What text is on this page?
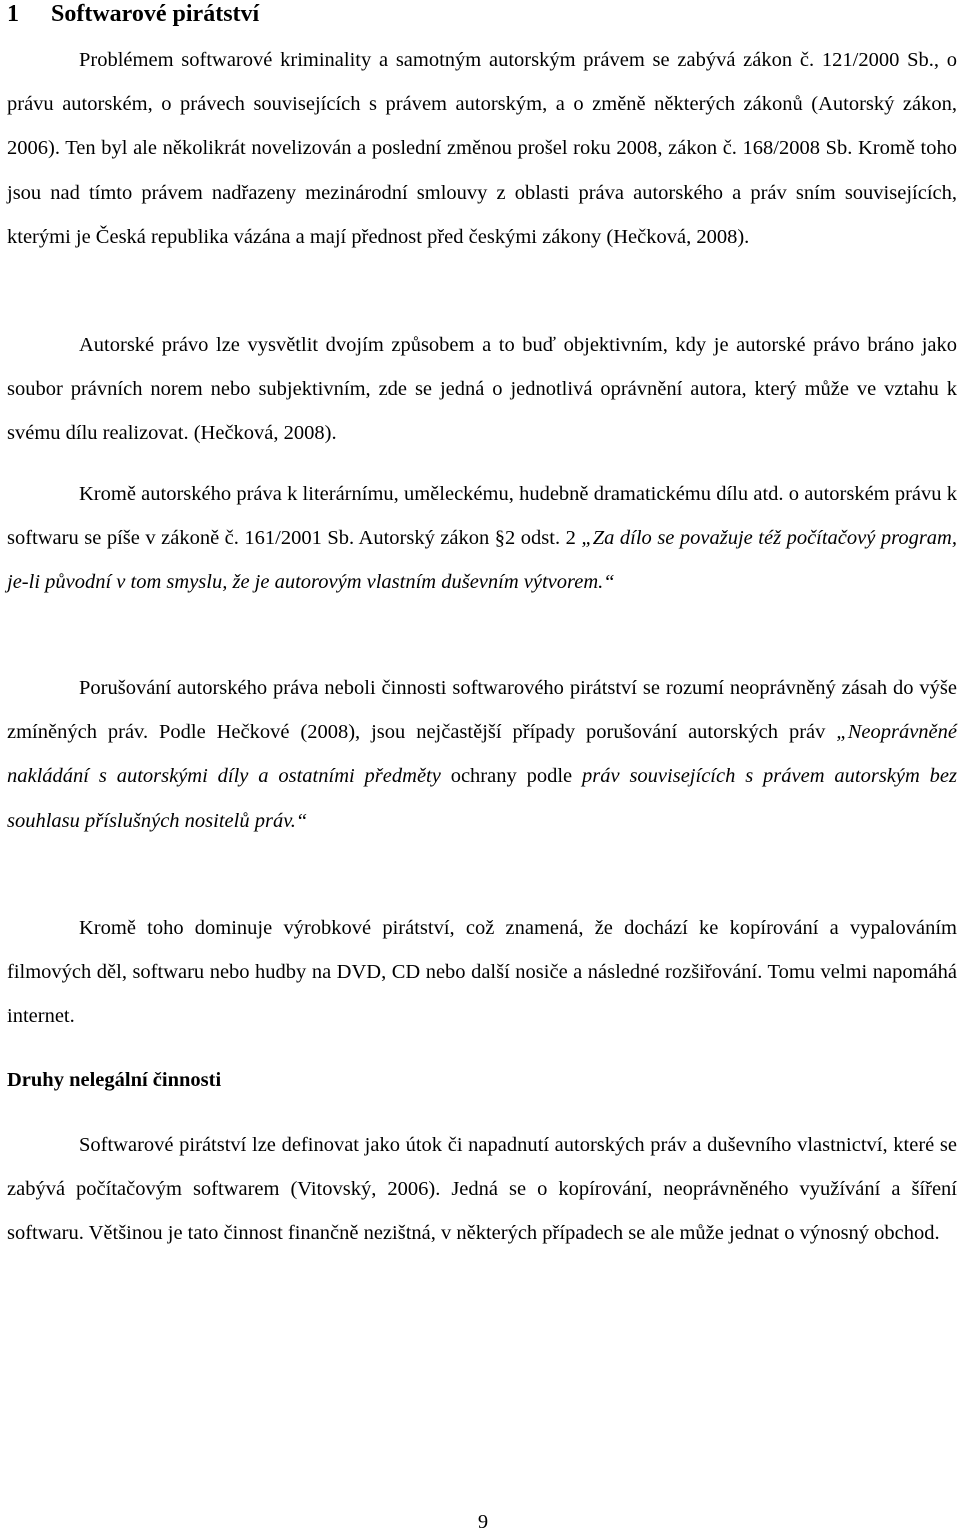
1 Softwarové pirátství

Problémem softwarové kriminality a samotným autorským právem se zabývá zákon č. 121/2000 Sb., o právu autorském, o právech souvisejících s právem autorským, a o změně některých zákonů (Autorský zákon, 2006). Ten byl ale několikrát novelizován a poslední změnou prošel roku 2008, zákon č. 168/2008 Sb. Kromě toho jsou nad tímto právem nadřazeny mezinárodní smlouvy z oblasti práva autorského a práv sním souvisejících, kterými je Česká republika vázána a mají přednost před českými zákony (Hečková, 2008).

Autorské právo lze vysvětlit dvojím způsobem a to buď objektivním, kdy je autorské právo bráno jako soubor právních norem nebo subjektivním, zde se jedná o jednotlivá oprávnění autora, který může ve vztahu k svému dílu realizovat. (Hečková, 2008).

Kromě autorského práva k literárnímu, uměleckému, hudebně dramatickému dílu atd. o autorském právu k softwaru se píše v zákoně č. 161/2001 Sb. Autorský zákon §2 odst. 2 „Za dílo se považuje též počítačový program, je-li původní v tom smyslu, že je autorovým vlastním duševním výtvorem.“

Porušování autorského práva neboli činnosti softwarového pirátství se rozumí neoprávněný zásah do výše zmíněných práv. Podle Hečkové (2008), jsou nejčastější případy porušování autorských práv „Neoprávněné nakládání s autorskými díly a ostatními předměty ochrany podle práv souvisejících s právem autorským bez souhlasu příslušných nositelů práv.“

Kromě toho dominuje výrobkové pirátství, což znamená, že dochází ke kopírování a vypalováním filmových děl, softwaru nebo hudby na DVD, CD nebo další nosiče a následné rozšiřování. Tomu velmi napomáhá internet.

Druhy nelegální činnosti

Softwarové pirátství lze definovat jako útok či napadnutí autorských práv a duševního vlastnictví, které se zabývá počítačovým softwarem (Vitovský, 2006). Jedná se o kopírování, neoprávněného využívání a šíření softwaru. Většinou je tato činnost finančně nezištná, v některých případech se ale může jednat o výnosný obchod.

9
